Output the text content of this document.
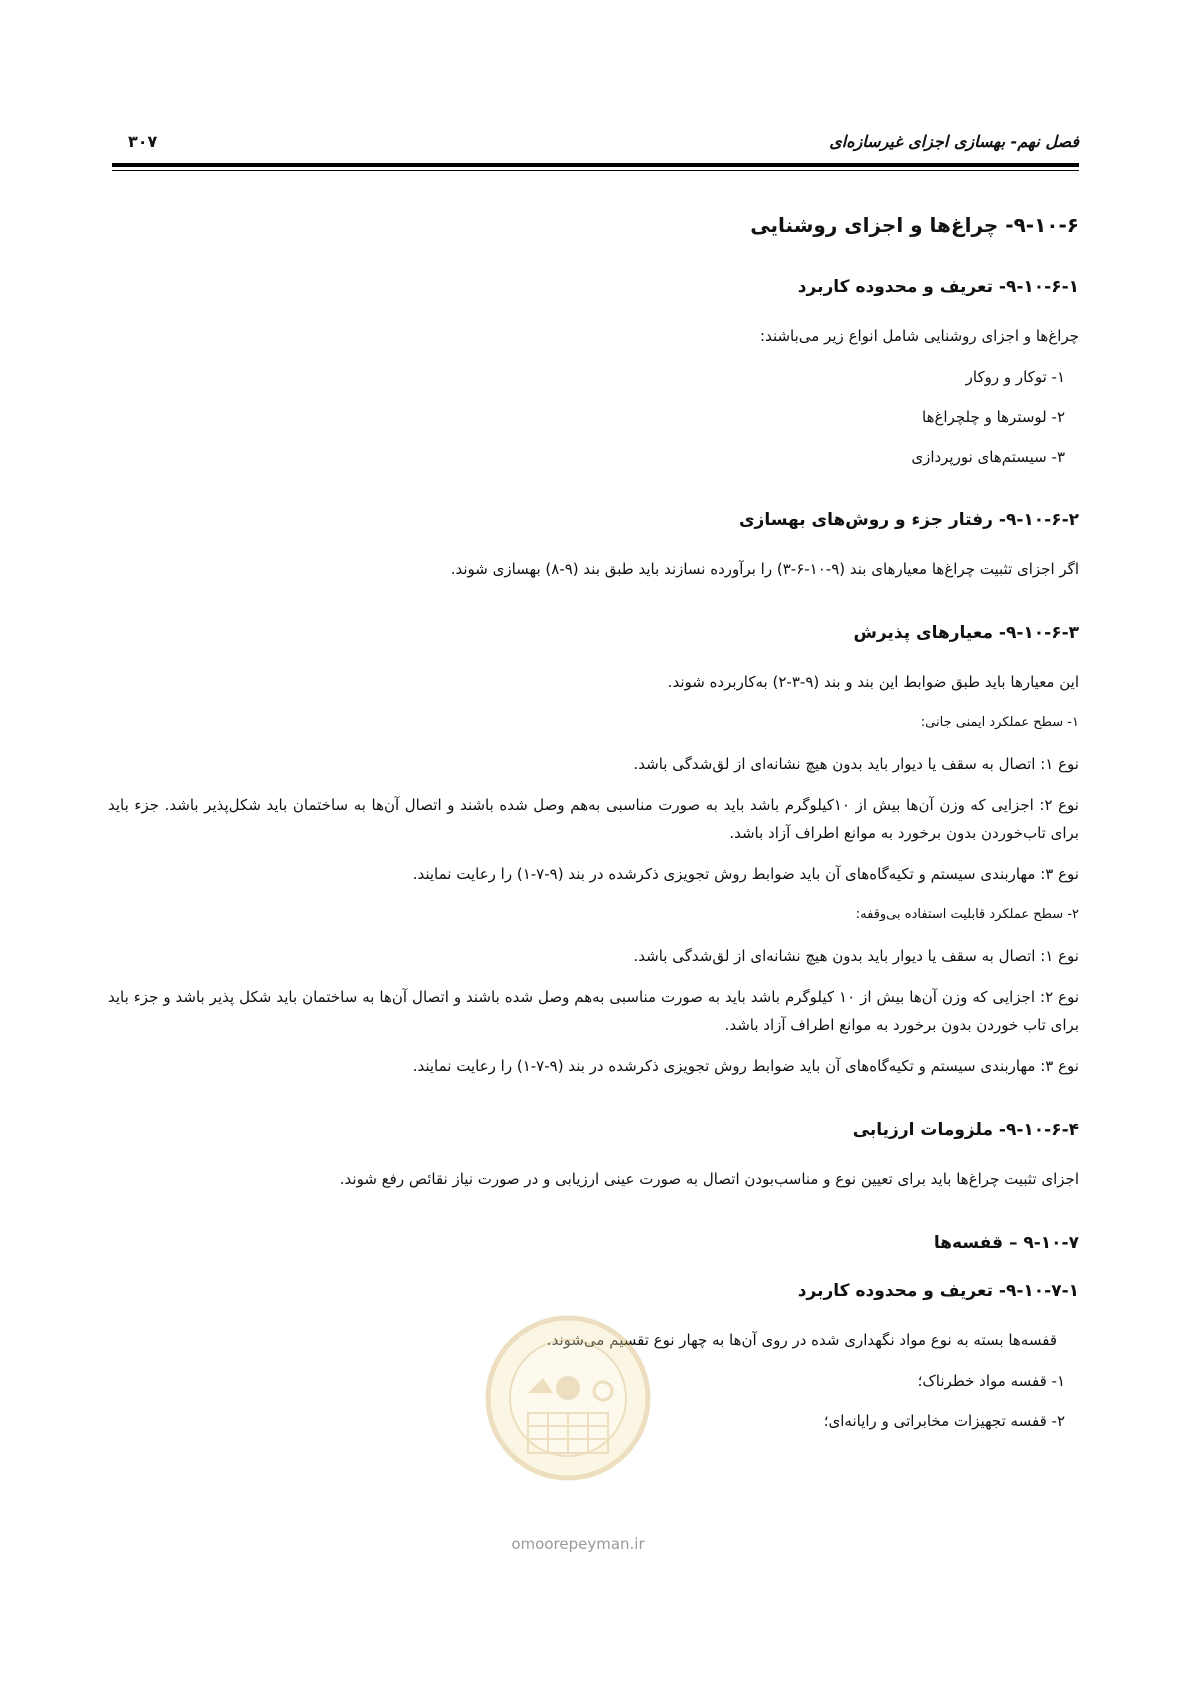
فصل نهم- بهسازی اجزای غیرسازه‌ای
۳۰۷
۹-۱۰-۶- چراغ‌ها و اجزای روشنایی
۹-۱۰-۶-۱- تعریف و محدوده کاربرد
چراغ‌ها و اجزای روشنایی شامل انواع زیر می‌باشند:
۱- توکار و روکار
۲- لوسترها و چلچراغ‌ها
۳- سیستم‌های نورپردازی
۹-۱۰-۶-۲- رفتار جزء و روش‌های بهسازی
اگر اجزای تثبیت چراغ‌ها معیارهای بند (۹-۱۰-۶-۳) را برآورده نسازند باید طبق بند (۹-۸) بهسازی شوند.
۹-۱۰-۶-۳- معیارهای پذیرش
این معیارها باید طبق ضوابط این بند و بند (۹-۳-۲) به‌کاربرده شوند.
۱- سطح عملکرد ایمنی جانی:
نوع ۱: اتصال به سقف یا دیوار باید بدون هیچ نشانه‌ای از لق‌شدگی باشد.
نوع ۲: اجزایی که وزن آن‌ها بیش از ۱۰کیلوگرم باشد باید به صورت مناسبی به‌هم وصل شده باشند و اتصال آن‌ها به ساختمان باید شکل‌پذیر باشد. جزء باید برای تاب‌خوردن بدون برخورد به موانع اطراف آزاد باشد.
نوع ۳: مهاربندی سیستم و تکیه‌گاه‌های آن باید ضوابط روش تجویزی ذکرشده در بند (۹-۷-۱) را رعایت نمایند.
۲- سطح عملکرد قابلیت استفاده بی‌وقفه:
نوع ۱: اتصال به سقف یا دیوار باید بدون هیچ نشانه‌ای از لق‌شدگی باشد.
نوع ۲: اجزایی که وزن آن‌ها بیش از ۱۰ کیلوگرم باشد باید به صورت مناسبی به‌هم وصل شده باشند و اتصال آن‌ها به ساختمان باید شکل پذیر باشد و جزء باید برای تاب خوردن بدون برخورد به موانع اطراف آزاد باشد.
نوع ۳: مهاربندی سیستم و تکیه‌گاه‌های آن باید ضوابط روش تجویزی ذکرشده در بند (۹-۷-۱) را رعایت نمایند.
۹-۱۰-۶-۴- ملزومات ارزیابی
اجزای تثبیت چراغ‌ها باید برای تعیین نوع و مناسب‌بودن اتصال به صورت عینی ارزیابی و در صورت نیاز نقائص رفع شوند.
۹-۱۰-۷ – قفسه‌ها
۹-۱۰-۷-۱- تعریف و محدوده کاربرد
قفسه‌ها بسته به نوع مواد نگهداری شده در روی آن‌ها به چهار نوع تقسیم می‌شوند.
۱- قفسه مواد خطرناک؛
۲- قفسه تجهیزات مخابراتی و رایانه‌ای؛
omoorepeyman.ir
